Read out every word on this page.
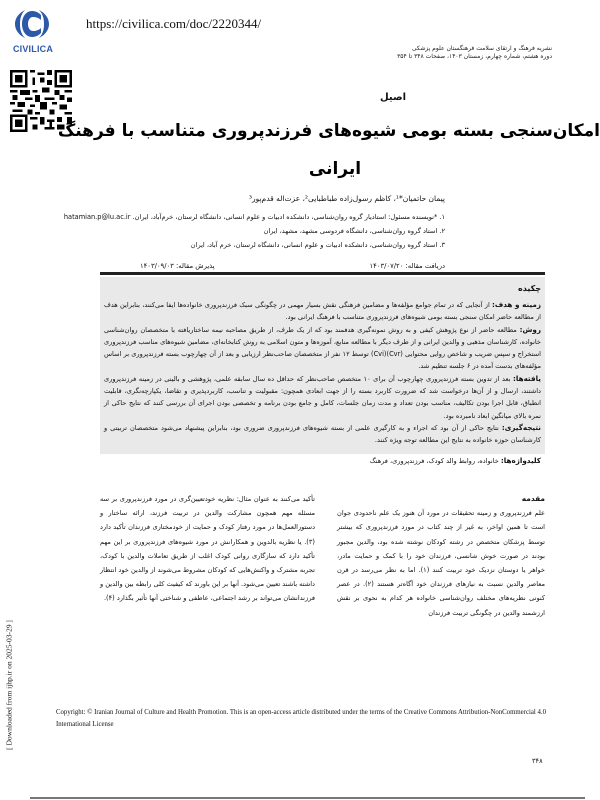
CIVILICA
https://civilica.com/doc/2220344/
نشریه فرهنگ و ارتقای سلامت فرهنگستان علوم پزشکی
دوره هشتم، شماره چهارم، زمستان ۱۴۰۳، صفحات ۳۴۸ تا ۳۵۴
اصیل
امکان‌سنجی بسته بومی شیوه‌های فرزندپروری متناسب با فرهنگ
ایرانی
پیمان حاتمیان*¹، کاظم رسول‌زاده طباطبایی²، عزت‌اله قدم‌پور³
۱. *نویسنده مسئول: استادیار گروه روان‌شناسی، دانشکده ادبیات و علوم انسانی، دانشگاه لرستان، خرم‌آباد، ایران. hatamian.p@lu.ac.ir
۲. استاد گروه روان‌شناسی، دانشگاه فردوسی مشهد، مشهد، ایران
۳. استاد گروه روان‌شناسی، دانشکده ادبیات و علوم انسانی، دانشگاه لرستان، خرم آباد، ایران
دریافت مقاله: ۱۴۰۳/۰۷/۲۰
پذیرش مقاله: ۱۴۰۳/۰۹/۰۳
چکیده
زمینه و هدف: از آنجایی که در تمام جوامع مؤلفه‌ها و مضامین فرهنگی نقش بسیار مهمی در چگونگی سبک فرزندپروری خانواده‌ها ایفا می‌کنند، بنابراین هدف از مطالعه حاضر امکان سنجی بسته بومی شیوه‌های فرزندپروری متناسب با فرهنگ ایرانی بود.
روش: مطالعه حاضر از نوع پژوهش کیفی و به روش نمونه‌گیری هدفمند بود که از یک طرف، از طریق مصاحبه نیمه ساختاریافته با متخصصان روان‌شناسی خانواده، کارشناسان مذهبی و والدین ایرانی و از طرف دیگر با مطالعه منابع، آموزه‌ها و متون اسلامی به روش کتابخانه‌ای، مضامین شیوه‌های مناسب فرزندپروری استخراج و سپس ضریب و شاخص روایی محتوایی (Cvr)(Cvi) توسط ۱۲ نفر از متخصصان صاحب‌نظر ارزیابی و بعد از آن چهارچوب بسته فرزندپروری بر اساس مؤلفه‌های بدست آمده در ۶ جلسه تنظیم شد.
یافته‌ها: بعد از تدوین بسته فرزندپروری چهارچوب آن برای ۱۰ متخصص صاحب‌نظر که حداقل ده سال سابقه علمی، پژوهشی و بالینی در زمینه فرزندپروری داشتند، ارسال و از آن‌ها درخواست شد که ضرورت کاربرد بسته را از جهت ابعادی همچون: مقبولیت و تناسب، کاربردپذیری و تقاضا، یکپارچه‌نگری، قابلیت انطباق، قابل اجرا بودن تکالیف، مناسب بودن تعداد و مدت زمان جلسات، کامل و جامع بودن برنامه و تخصصی بودن اجرای آن بررسی کنند که نتایج حاکی از نمره بالای میانگین ابعاد نامبرده بود.
نتیجه‌گیری: نتایج حاکی از آن بود که اجراء و به کارگیری علمی از بسته شیوه‌های فرزندپروری ضروری بود، بنابراین پیشنهاد می‌شود متخصصان تربیتی و کارشناسان حوزه خانواده به نتایج این مطالعه توجه ویژه کنند.
کلیدواژه‌ها: خانواده، روابط والد کودک، فرزندپروری، فرهنگ
مقدمه
علم فرزندپروری و زمینه تحقیقات در مورد آن هنوز یک علم ناحدودی جوان است تا همین اواخر، به غیر از چند کتاب در مورد فرزندپروری که بیشتر توسط پزشکان متخصص در رشته کودکان نوشته شده بود، والدین مجبور بودند در صورت خوش شانسی، فرزندان خود را با کمک و حمایت مادر، خواهر یا دوستان نزدیک خود تربیت کنند (۱). اما به نظر می‌رسد در قرن معاصر والدین نسبت به نیازهای فرزندان خود آگاه‌تر هستند (۲). در عصر کنونی نظریه‌های مختلف روان‌شناسی خانواده هر کدام به نحوی بر نقش ارزشمند والدین در چگونگی تربیت فرزندان
تأکید می‌کنند به عنوان مثال: نظریه خودتعیین‌گری در مورد فرزندپروری بر سه مسئله مهم همچون مشارکت والدین در تربیت فرزند، ارائه ساختار و دستورالعمل‌ها در مورد رفتار کودک و حمایت از خودمختاری فرزندان تأکید دارد (۳). یا نظریه بالدوین و همکارانش در مورد شیوه‌های فرزندپروری بر این مهم تأکید دارد که سازگاری روانی کودک اغلب از طریق تعاملات والدین با کودک، تجربه مشترک و واکنش‌هایی که کودکان مشروط می‌شوند از والدین خود انتظار داشته باشند تعیین می‌شود. آنها بر این باورند که کیفیت کلی رابطه بین والدین و فرزندانشان می‌تواند بر رشد اجتماعی، عاطفی و شناختی آنها تأثیر بگذارد (۴).
Copyright: © Iranian Journal of Culture and Health Promotion. This is an open-access article distributed under the terms of the Creative Commons Attribution-NonCommercial 4.0 International License
۳۴۸
[ Downloaded from ijhp.ir on 2025-03-29 ]
